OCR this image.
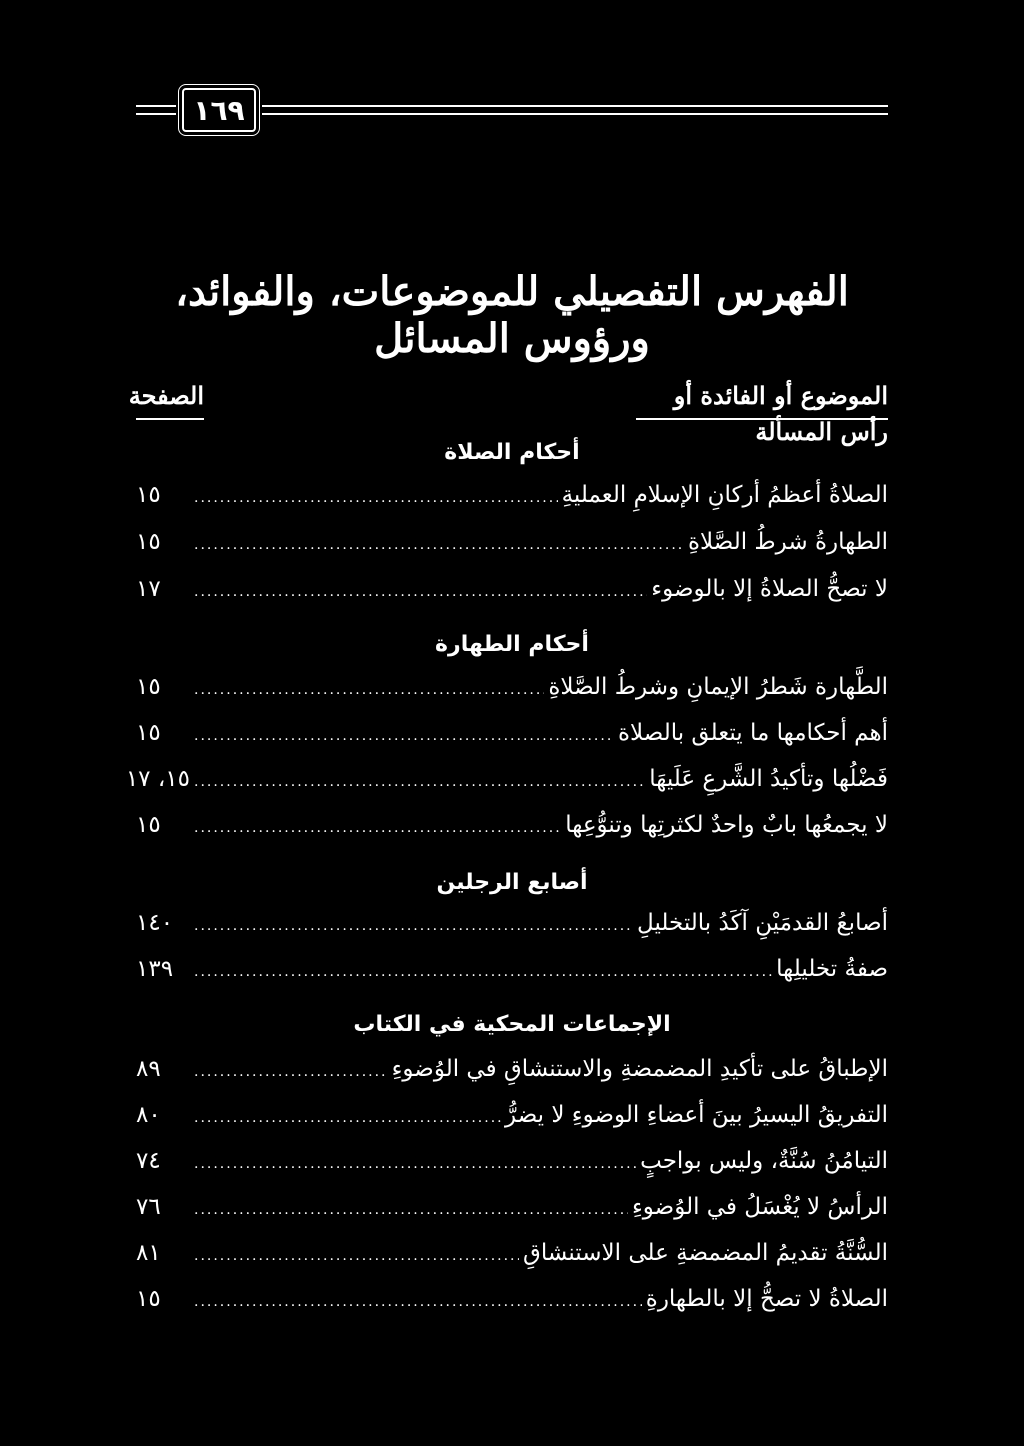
١٦٩
الفهرس التفصيلي للموضوعات، والفوائد، ورؤوس المسائل
الموضوع أو الفائدة أو رأس المسألة
الصفحة
أحكام الصلاة
الصلاةُ أعظمُ أركانِ الإسلامِ العمليةِ
.....
١٥
الطهارةُ شرطُ الصَّلاةِ
.....
١٥
لا تصحُّ الصلاةُ إلا بالوضوء
.....
١٧
أحكام الطهارة
الطَّهارة شَطرُ الإيمانِ وشرطُ الصَّلاةِ
.....
١٥
أهم أحكامها ما يتعلق بالصلاة
.....
١٥
فَضْلُها وتأكيدُ الشَّرعِ عَلَيهَا
.....
١٥، ١٧
لا يجمعُها بابٌ واحدٌ لكثرتِها وتنوُّعِها
.....
١٥
أصابع الرجلين
أصابعُ القدمَيْنِ آكَدُ بالتخليلِ
.....
١٤٠
صفةُ تخليلِها
.....
١٣٩
الإجماعات المحكية في الكتاب
الإطباقُ على تأكيدِ المضمضةِ والاستنشاقِ في الوُضوءِ
.....
٨٩
التفريقُ اليسيرُ بينَ أعضاءِ الوضوءِ لا يضرُّ
.....
٨٠
التيامُنُ سُنَّةٌ، وليس بواجبٍ
.....
٧٤
الرأسُ لا يُغْسَلُ في الوُضوءِ
.....
٧٦
السُّنَّةُ تقديمُ المضمضةِ على الاستنشاقِ
.....
٨١
الصلاةُ لا تصحُّ إلا بالطهارةِ
.....
١٥
